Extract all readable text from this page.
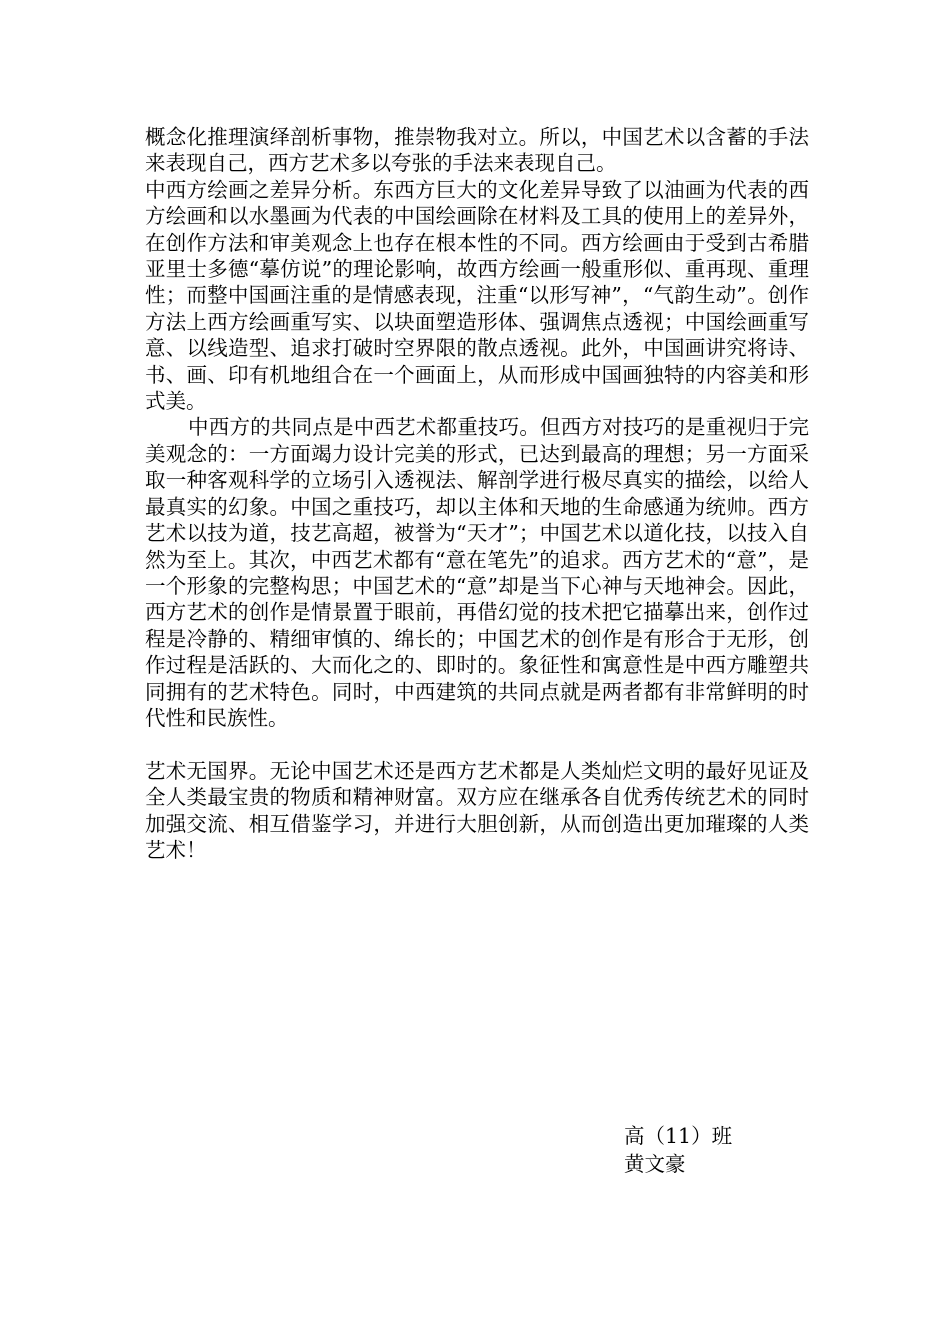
概念化推理演绎剖析事物，推崇物我对立。所以，中国艺术以含蓄的手法来表现自己，西方艺术多以夸张的手法来表现自己。

中西方绘画之差异分析。东西方巨大的文化差异导致了以油画为代表的西方绘画和以水墨画为代表的中国绘画除在材料及工具的使用上的差异外，在创作方法和审美观念上也存在根本性的不同。西方绘画由于受到古希腊亚里士多德“摹仿说”的理论影响，故西方绘画一般重形似、重再现、重理性；而整中国画注重的是情感表现，注重“以形写神”，“气韵生动”。创作方法上西方绘画重写实、以块面塑造形体、强调焦点透视；中国绘画重写意、以线造型、追求打破时空界限的散点透视。此外，中国画讲究将诗、书、画、印有机地组合在一个画面上，从而形成中国画独特的内容美和形式美。

中西方的共同点是中西艺术都重技巧。但西方对技巧的是重视归于完美观念的：一方面竭力设计完美的形式，已达到最高的理想；另一方面采取一种客观科学的立场引入透视法、解剖学进行极尽真实的描绘，以给人最真实的幻象。中国之重技巧，却以主体和天地的生命感通为统帅。西方艺术以技为道，技艺高超，被誉为“天才”；中国艺术以道化技，以技入自然为至上。其次，中西艺术都有“意在笔先”的追求。西方艺术的“意”，是一个形象的完整构思；中国艺术的“意”却是当下心神与天地神会。因此，西方艺术的创作是情景置于眼前，再借幻觉的技术把它描摹出来，创作过程是冷静的、精细审慎的、绵长的；中国艺术的创作是有形合于无形，创作过程是活跃的、大而化之的、即时的。象征性和寓意性是中西方雕塑共同拥有的艺术特色。同时，中西建筑的共同点就是两者都有非常鲜明的时代性和民族性。

艺术无国界。无论中国艺术还是西方艺术都是人类灿烂文明的最好见证及全人类最宝贵的物质和精神财富。双方应在继承各自优秀传统艺术的同时加强交流、相互借鉴学习，并进行大胆创新，从而创造出更加璀璨的人类艺术！

高（11）班
黄文豪
